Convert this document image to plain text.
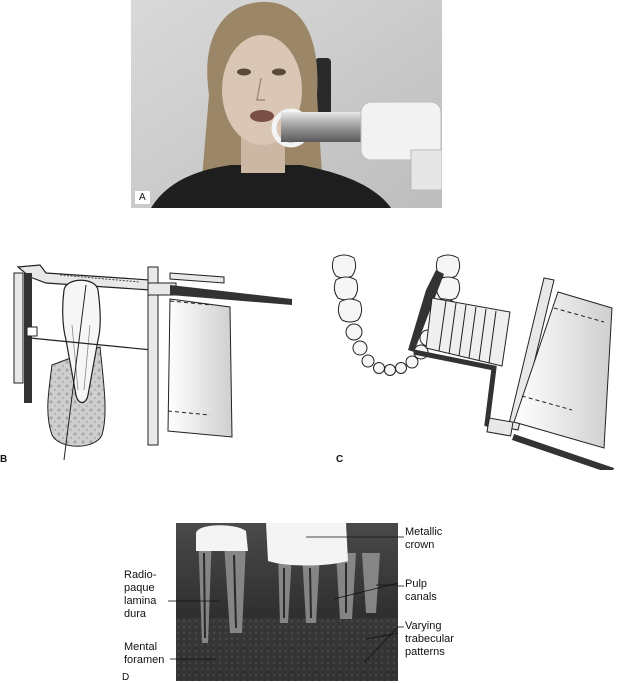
A
B	C
Metallic
crown
Pulp
canals
Varying
trabecular
patterns
Radio-
paque
lamina
dura
Mental
foramen
D
